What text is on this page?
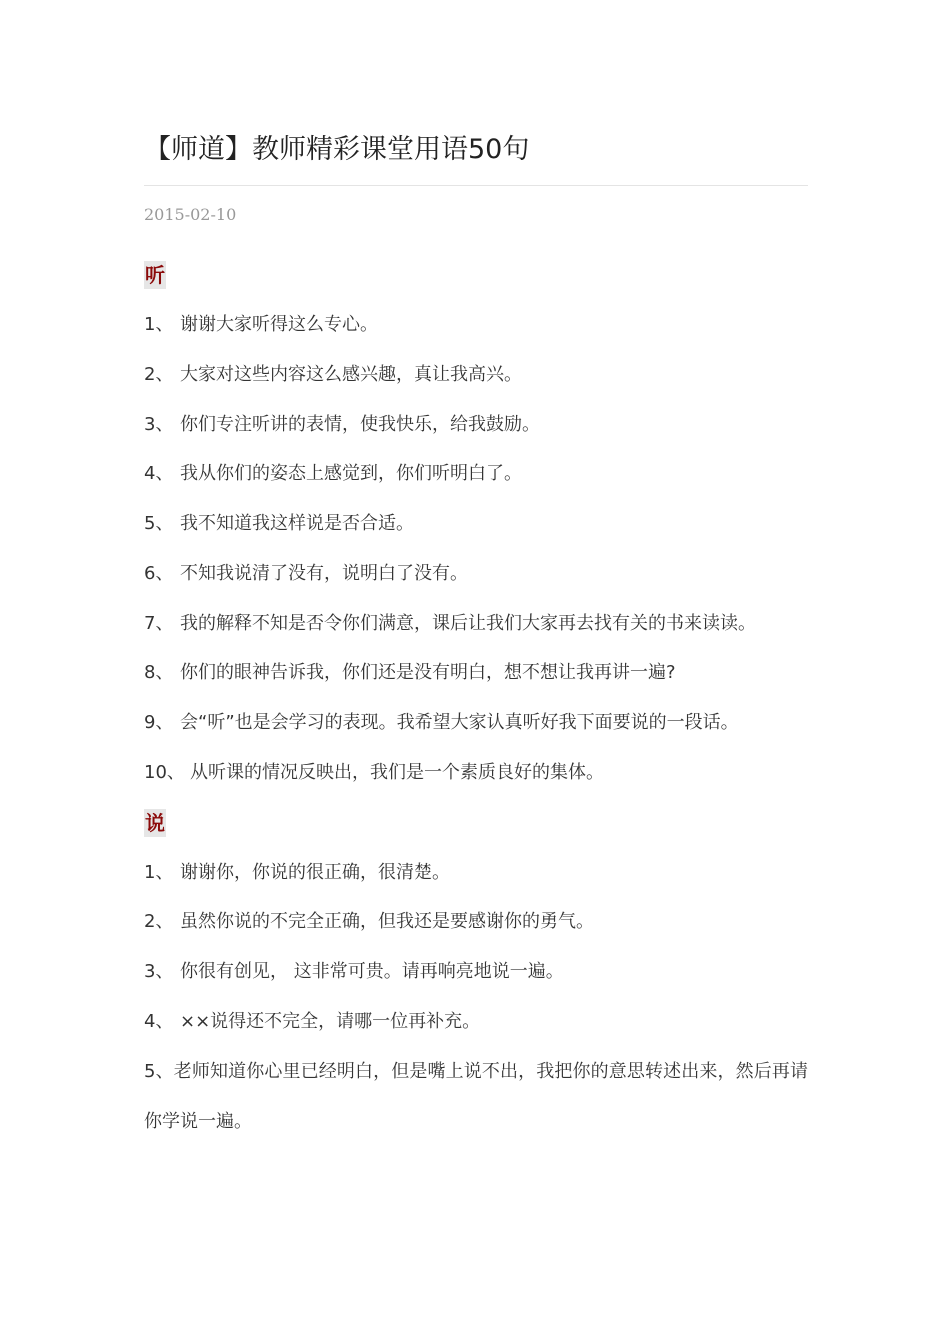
【师道】教师精彩课堂用语50句
2015-02-10
听
1、 谢谢大家听得这么专心。
2、 大家对这些内容这么感兴趣，真让我高兴。
3、 你们专注听讲的表情，使我快乐，给我鼓励。
4、 我从你们的姿态上感觉到，你们听明白了。
5、 我不知道我这样说是否合适。
6、 不知我说清了没有，说明白了没有。
7、 我的解释不知是否令你们满意，课后让我们大家再去找有关的书来读读。
8、 你们的眼神告诉我，你们还是没有明白，想不想让我再讲一遍?
9、 会“听”也是会学习的表现。我希望大家认真听好我下面要说的一段话。
10、 从听课的情况反映出，我们是一个素质良好的集体。
说
1、 谢谢你，你说的很正确，很清楚。
2、 虽然你说的不完全正确，但我还是要感谢你的勇气。
3、 你很有创见， 这非常可贵。请再响亮地说一遍。
4、 ××说得还不完全，请哪一位再补充。
5、老师知道你心里已经明白，但是嘴上说不出，我把你的意思转述出来，然后再请你学说一遍。
